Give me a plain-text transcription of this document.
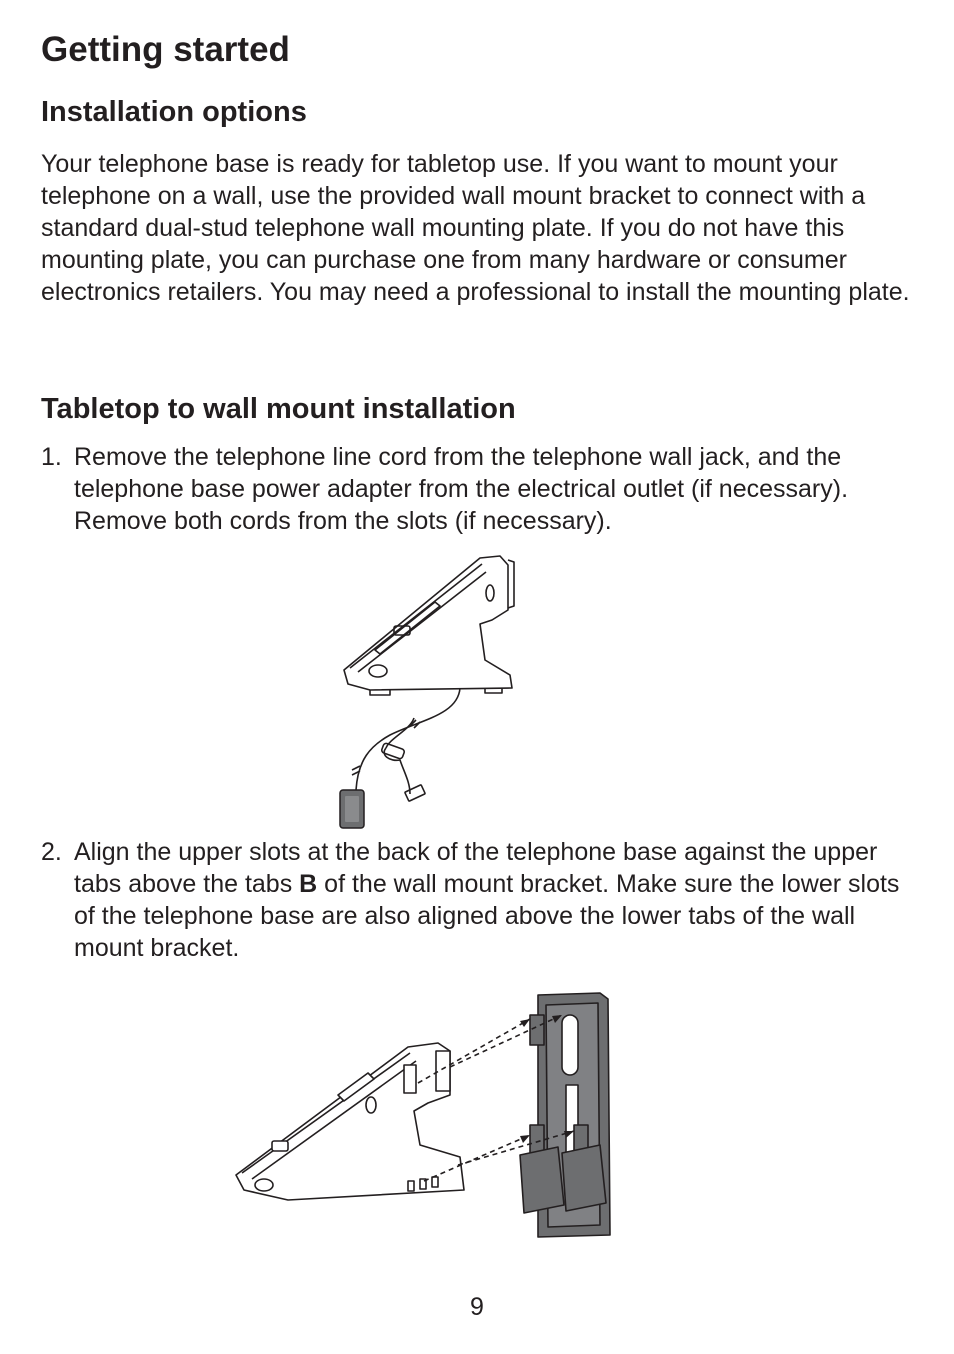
Getting started
Installation options

Your telephone base is ready for tabletop use. If you want to mount your telephone on a wall, use the provided wall mount bracket to connect with a standard dual-stud telephone wall mounting plate. If you do not have this mounting plate, you can purchase one from many hardware or consumer electronics retailers. You may need a professional to install the mounting plate.

Tabletop to wall mount installation
1. Remove the telephone line cord from the telephone wall jack, and the telephone base power adapter from the electrical outlet (if necessary). Remove both cords from the slots (if necessary).
2. Align the upper slots at the back of the telephone base against the upper tabs above the tabs B of the wall mount bracket. Make sure the lower slots of the telephone base are also aligned above the lower tabs of the wall mount bracket.
9
